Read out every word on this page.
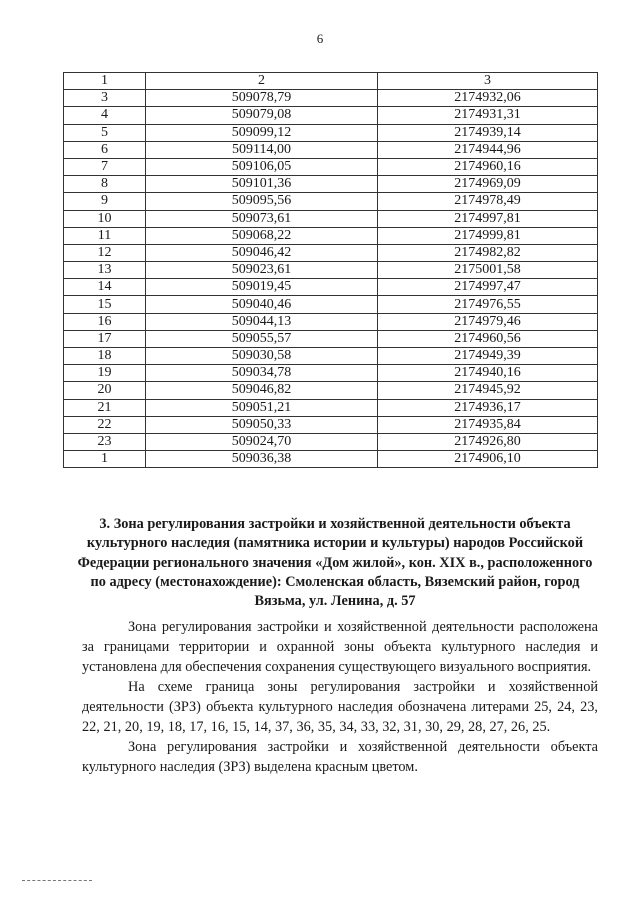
6
1	2	3
3	509078,79	2174932,06
4	509079,08	2174931,31
5	509099,12	2174939,14
6	509114,00	2174944,96
7	509106,05	2174960,16
8	509101,36	2174969,09
9	509095,56	2174978,49
10	509073,61	2174997,81
11	509068,22	2174999,81
12	509046,42	2174982,82
13	509023,61	2175001,58
14	509019,45	2174997,47
15	509040,46	2174976,55
16	509044,13	2174979,46
17	509055,57	2174960,56
18	509030,58	2174949,39
19	509034,78	2174940,16
20	509046,82	2174945,92
21	509051,21	2174936,17
22	509050,33	2174935,84
23	509024,70	2174926,80
1	509036,38	2174906,10
3. Зона регулирования застройки и хозяйственной деятельности объекта культурного наследия (памятника истории и культуры) народов Российской Федерации регионального значения «Дом жилой», кон. XIX в., расположенного по адресу (местонахождение): Смоленская область, Вяземский район, город Вязьма, ул. Ленина, д. 57

Зона регулирования застройки и хозяйственной деятельности расположена за границами территории и охранной зоны объекта культурного наследия и установлена для обеспечения сохранения существующего визуального восприятия.

На схеме граница зоны регулирования застройки и хозяйственной деятельности (ЗРЗ) объекта культурного наследия обозначена литерами 25, 24, 23, 22, 21, 20, 19, 18, 17, 16, 15, 14, 37, 36, 35, 34, 33, 32, 31, 30, 29, 28, 27, 26, 25.

Зона регулирования застройки и хозяйственной деятельности объекта культурного наследия (ЗРЗ) выделена красным цветом.
